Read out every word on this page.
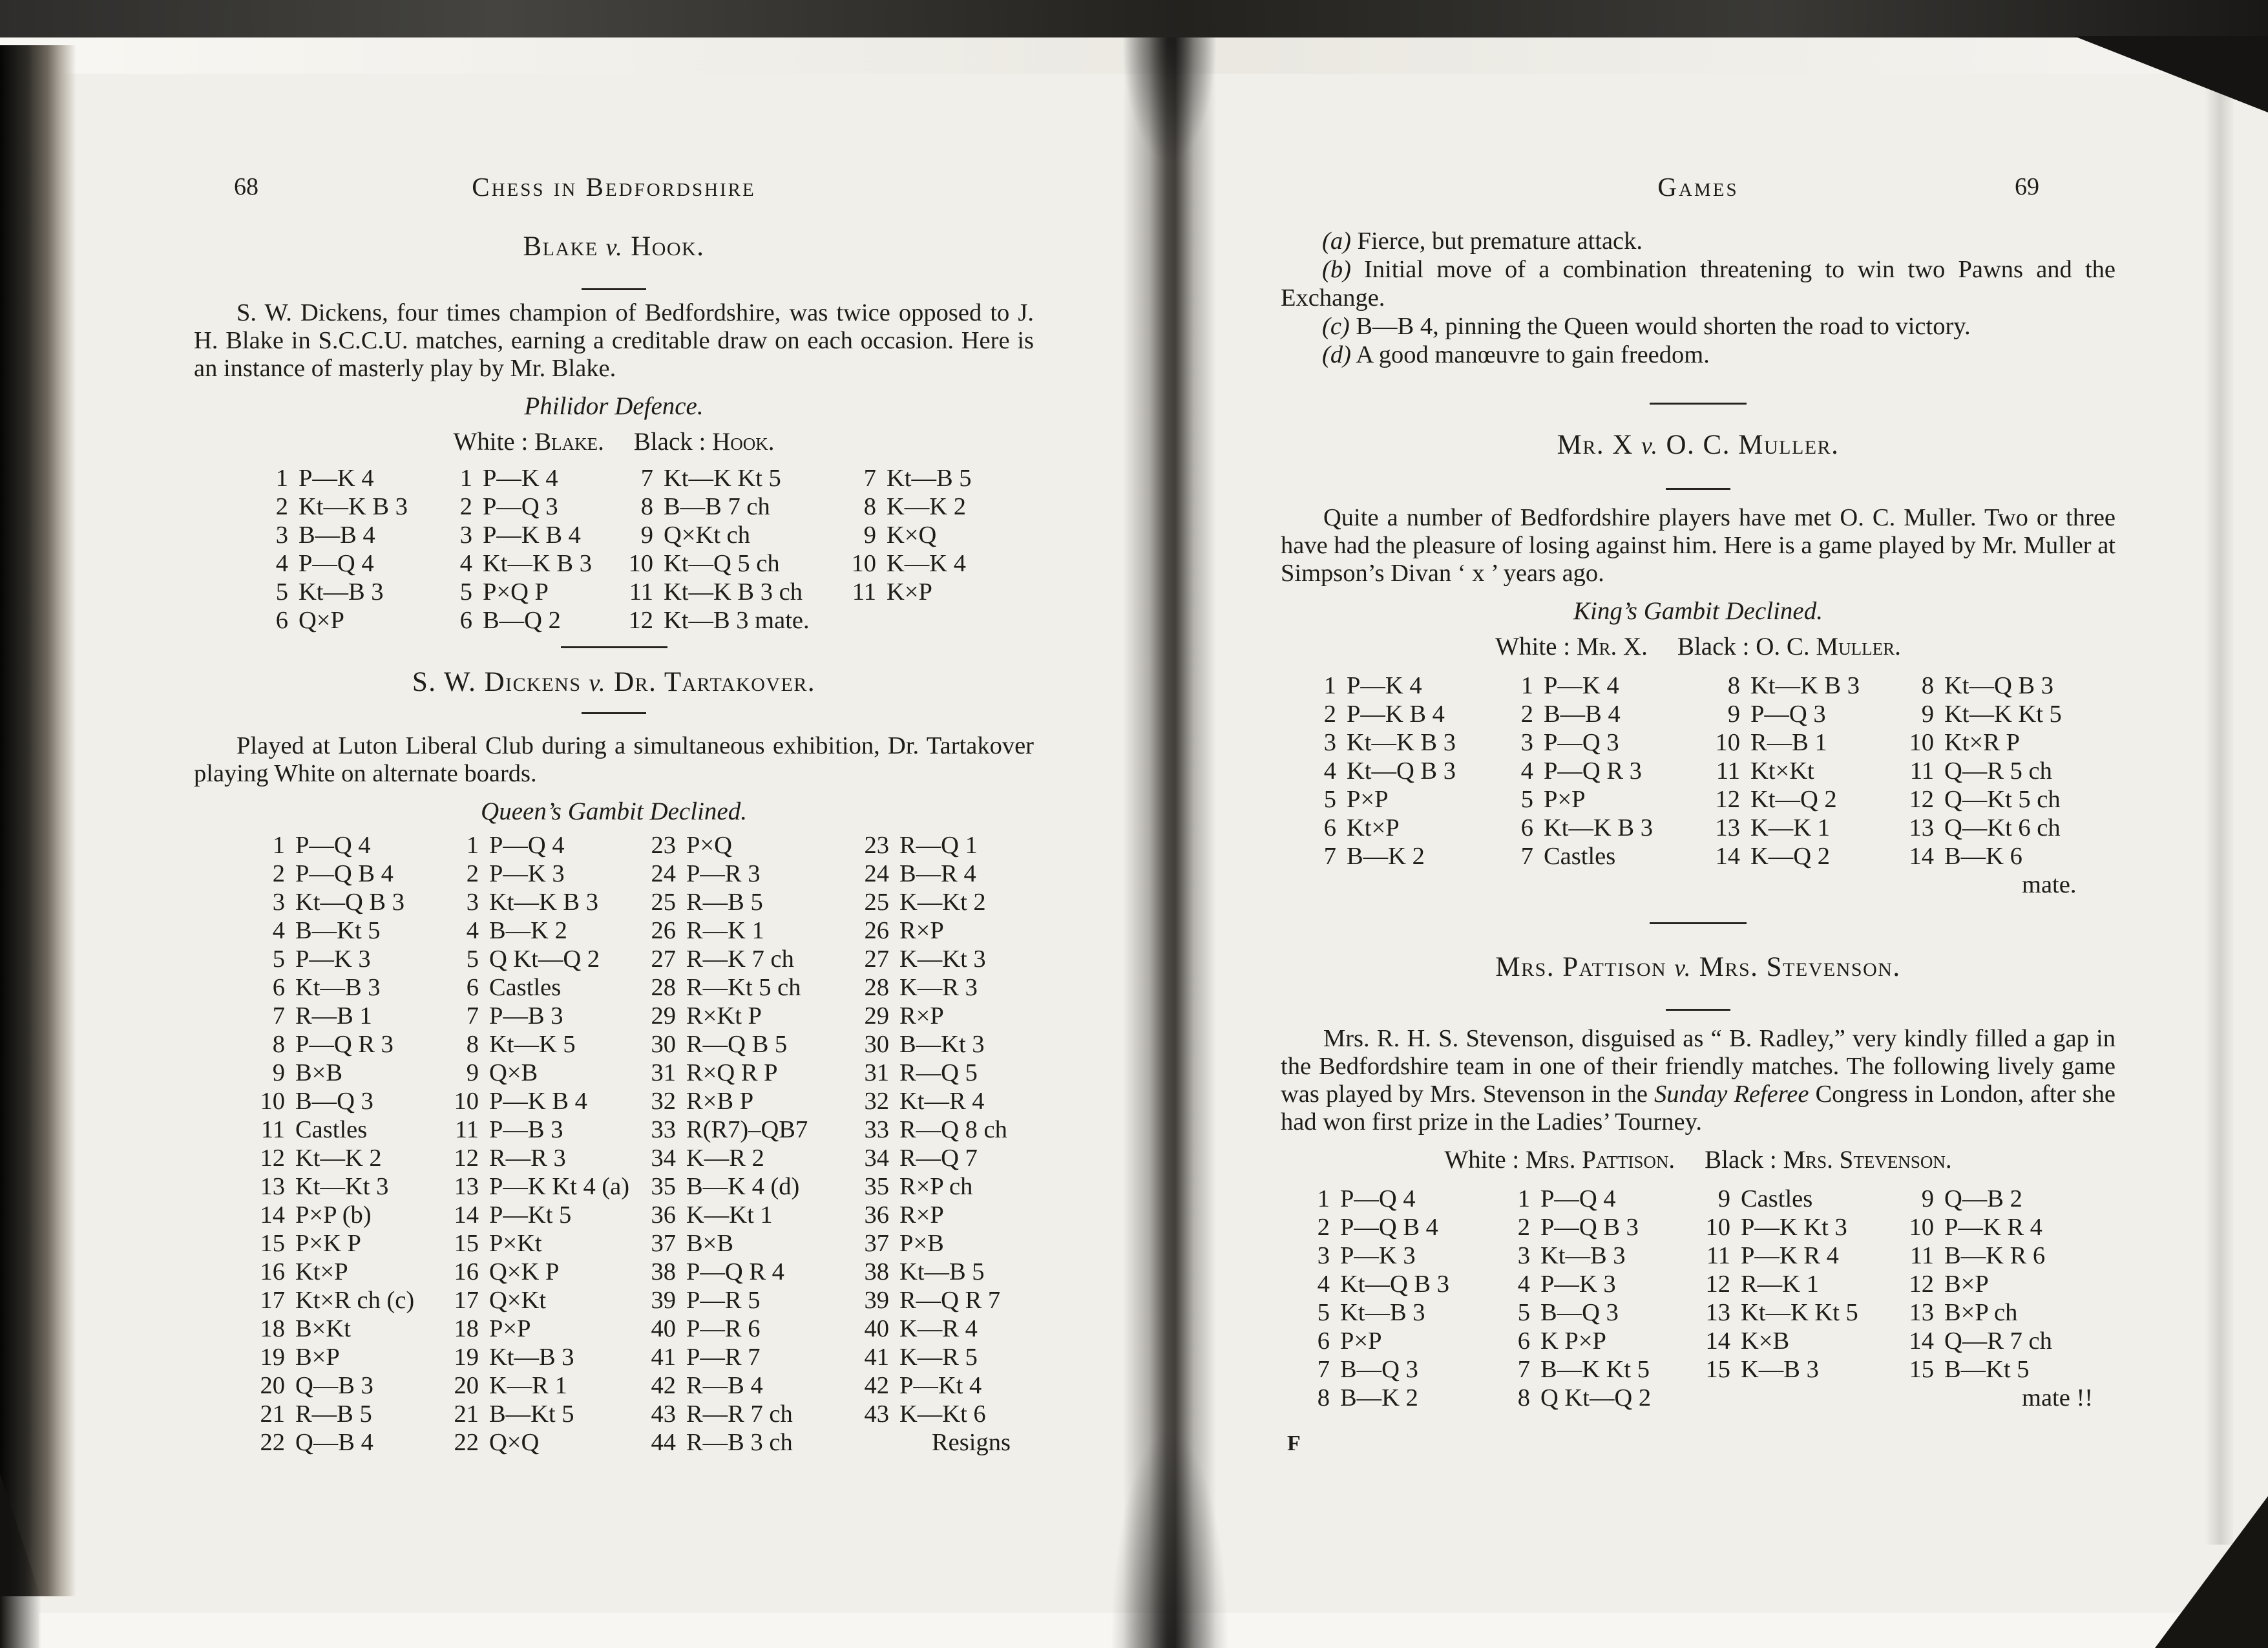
68	Chess in Bedfordshire
Blake v. Hook.

S. W. Dickens, four times champion of Bedfordshire, was twice opposed to J. H. Blake in S.C.C.U. matches, earning a creditable draw on each occasion. Here is an instance of masterly play by Mr. Blake.

Philidor Defence.

White : Blake. Black : Hook.

1 P—K 4
2 Kt—K B 3
3 B—B 4
4 P—Q 4
5 Kt—B 3
6 Q×P
1 P—K 4
2 P—Q 3
3 P—K B 4
4 Kt—K B 3
5 P×Q P
6 B—Q 2
7 Kt—K Kt 5
8 B—B 7 ch
9 Q×Kt ch
10 Kt—Q 5 ch
11 Kt—K B 3 ch
12 Kt—B 3 mate.
7 Kt—B 5
8 K—K 2
9 K×Q
10 K—K 4
11 K×P
S. W. Dickens v. Dr. Tartakover.

Played at Luton Liberal Club during a simultaneous exhibition, Dr. Tartakover playing White on alternate boards.

Queen’s Gambit Declined.

1 P—Q 4
2 P—Q B 4
3 Kt—Q B 3
4 B—Kt 5
5 P—K 3
6 Kt—B 3
7 R—B 1
8 P—Q R 3
9 B×B
10 B—Q 3
11 Castles
12 Kt—K 2
13 Kt—Kt 3
14 P×P (b)
15 P×K P
16 Kt×P
17 Kt×R ch (c)
18 B×Kt
19 B×P
20 Q—B 3
21 R—B 5
22 Q—B 4
1 P—Q 4
2 P—K 3
3 Kt—K B 3
4 B—K 2
5 Q Kt—Q 2
6 Castles
7 P—B 3
8 Kt—K 5
9 Q×B
10 P—K B 4
11 P—B 3
12 R—R 3
13 P—K Kt 4 (a)
14 P—Kt 5
15 P×Kt
16 Q×K P
17 Q×Kt
18 P×P
19 Kt—B 3
20 K—R 1
21 B—Kt 5
22 Q×Q
23 P×Q
24 P—R 3
25 R—B 5
26 R—K 1
27 R—K 7 ch
28 R—Kt 5 ch
29 R×Kt P
30 R—Q B 5
31 R×Q R P
32 R×B P
33 R(R7)–QB7
34 K—R 2
35 B—K 4 (d)
36 K—Kt 1
37 B×B
38 P—Q R 4
39 P—R 5
40 P—R 6
41 P—R 7
42 R—B 4
43 R—R 7 ch
44 R—B 3 ch
23 R—Q 1
24 B—R 4
25 K—Kt 2
26 R×P
27 K—Kt 3
28 K—R 3
29 R×P
30 B—Kt 3
31 R—Q 5
32 Kt—R 4
33 R—Q 8 ch
34 R—Q 7
35 R×P ch
36 R×P
37 P×B
38 Kt—B 5
39 R—Q R 7
40 K—R 4
41 K—R 5
42 P—Kt 4
43 K—Kt 6
Resigns
Games	69

(a) Fierce, but premature attack.

(b) Initial move of a combination threatening to win two Pawns and the Exchange.

(c) B—B 4, pinning the Queen would shorten the road to victory.

(d) A good manœuvre to gain freedom.

Mr. X v. O. C. Muller.

Quite a number of Bedfordshire players have met O. C. Muller. Two or three have had the pleasure of losing against him. Here is a game played by Mr. Muller at Simpson’s Divan ‘ x ’ years ago.

King’s Gambit Declined.

White : Mr. X. Black : O. C. Muller.

1 P—K 4
2 P—K B 4
3 Kt—K B 3
4 Kt—Q B 3
5 P×P
6 Kt×P
7 B—K 2
1 P—K 4
2 B—B 4
3 P—Q 3
4 P—Q R 3
5 P×P
6 Kt—K B 3
7 Castles
8 Kt—K B 3
9 P—Q 3
10 R—B 1
11 Kt×Kt
12 Kt—Q 2
13 K—K 1
14 K—Q 2
8 Kt—Q B 3
9 Kt—K Kt 5
10 Kt×R P
11 Q—R 5 ch
12 Q—Kt 5 ch
13 Q—Kt 6 ch
14 B—K 6
mate.
Mrs. Pattison v. Mrs. Stevenson.

Mrs. R. H. S. Stevenson, disguised as “ B. Radley,” very kindly filled a gap in the Bedfordshire team in one of their friendly matches. The following lively game was played by Mrs. Stevenson in the Sunday Referee Congress in London, after she had won first prize in the Ladies’ Tourney.

White : Mrs. Pattison. Black : Mrs. Stevenson.

1 P—Q 4
2 P—Q B 4
3 P—K 3
4 Kt—Q B 3
5 Kt—B 3
6 P×P
7 B—Q 3
8 B—K 2
1 P—Q 4
2 P—Q B 3
3 Kt—B 3
4 P—K 3
5 B—Q 3
6 K P×P
7 B—K Kt 5
8 Q Kt—Q 2
9 Castles
10 P—K Kt 3
11 P—K R 4
12 R—K 1
13 Kt—K Kt 5
14 K×B
15 K—B 3
9 Q—B 2
10 P—K R 4
11 B—K R 6
12 B×P
13 B×P ch
14 Q—R 7 ch
15 B—Kt 5
mate !!

F
